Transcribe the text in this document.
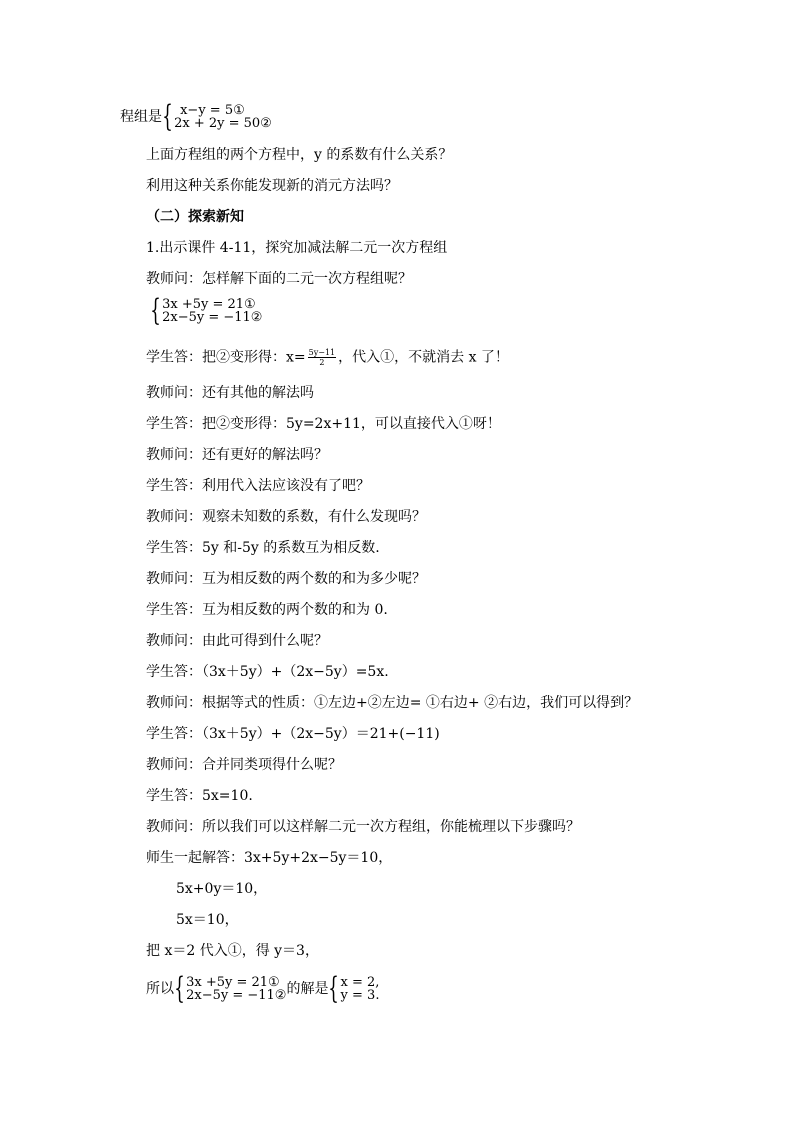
程组是 { x−y = 5①
2x + 2y = 50②
上面方程组的两个方程中，y 的系数有什么关系？
利用这种关系你能发现新的消元方法吗？
（二）探索新知
1.出示课件 4-11，探究加减法解二元一次方程组
教师问：怎样解下面的二元一次方程组呢？
{ 3x +5y = 21①
2x−5y = −11②
学生答：把②变形得：$x= \frac{5y-11}{2}$ ，代入①，不就消去 x 了！
教师问：还有其他的解法吗
学生答：把②变形得：5y=2x+11，可以直接代入①呀！
教师问：还有更好的解法吗？
学生答：利用代入法应该没有了吧？
教师问：观察未知数的系数，有什么发现吗？
学生答：5y 和-5y 的系数互为相反数.
教师问：互为相反数的两个数的和为多少呢？
学生答：互为相反数的两个数的和为 0.
教师问：由此可得到什么呢？
学生答：（3x＋5y）+（2x−5y）=5x.
教师问：根据等式的性质：①左边+②左边= ①右边+ ②右边，我们可以得到？
学生答：（3x＋5y）+（2x−5y）＝21+(−11)
教师问：合并同类项得什么呢？
学生答：5x=10.
教师问：所以我们可以这样解二元一次方程组，你能梳理以下步骤吗？
师生一起解答：3x+5y+2x−5y＝10，
5x+0y＝10，
5x＝10，
把 x＝2 代入①，得 y＝3，
所以 { 3x +5y = 21①
2x−5y = −11② 的解是 { x = 2,
y = 3.
